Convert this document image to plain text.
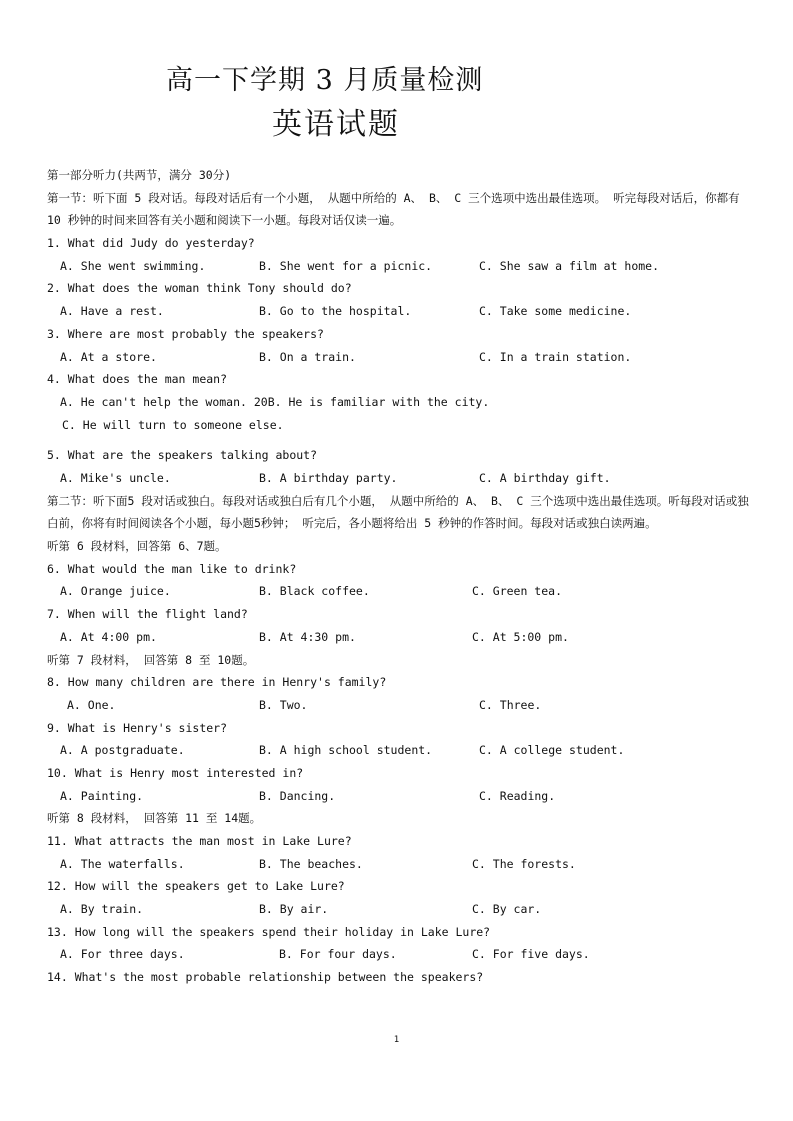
高一下学期 3 月质量检测
英语试题
第一部分听力(共两节，满分 30分)
第一节：听下面 5 段对话。每段对话后有一个小题， 从题中所给的 A、 B、 C 三个选项中选出最佳选项。 听完每段对话后，你都有 10 秒钟的时间来回答有关小题和阅读下一小题。每段对话仅读一遍。
1. What did Judy do yesterday?
A. She went swimming.	B. She went for a picnic.	C. She saw a film at home.
2. What does the woman think Tony should do?
A. Have a rest.	B. Go to the hospital.	C. Take some medicine.
3. Where are most probably the speakers?
A. At a store.	B. On a train.	C. In a train station.
4. What does the man mean?
A. He can't help the woman. 20B. He is familiar with the city.
C. He will turn to someone else.
5. What are the speakers talking about?
A. Mike's uncle.	B. A birthday party.	C. A birthday gift.
第二节：听下面5 段对话或独白。每段对话或独白后有几个小题， 从题中所给的 A、 B、 C 三个选项中选出最佳选项。听每段对话或独白前，你将有时间阅读各个小题，每小题5秒钟； 听完后，各小题将给出 5 秒钟的作答时间。每段对话或独白读两遍。
听第 6 段材料，回答第 6、7题。
6. What would the man like to drink?
A. Orange juice.	B. Black coffee.	C. Green tea.
7. When will the flight land?
A. At 4:00 pm.	B. At 4:30 pm.	C. At 5:00 pm.
听第 7 段材料， 回答第 8 至 10题。
8. How many children are there in Henry's family?
A. One.	B. Two.	C. Three.
9. What is Henry's sister?
A. A postgraduate.	B. A high school student.	C. A college student.
10. What is Henry most interested in?
A. Painting.	B. Dancing.	C. Reading.
听第 8 段材料， 回答第 11 至 14题。
11. What attracts the man most in Lake Lure?
A. The waterfalls.	B. The beaches.	C. The forests.
12. How will the speakers get to Lake Lure?
A. By train.	B. By air.	C. By car.
13. How long will the speakers spend their holiday in Lake Lure?
A. For three days.	B. For four days.	C. For five days.
14. What's the most probable relationship between the speakers?
1
